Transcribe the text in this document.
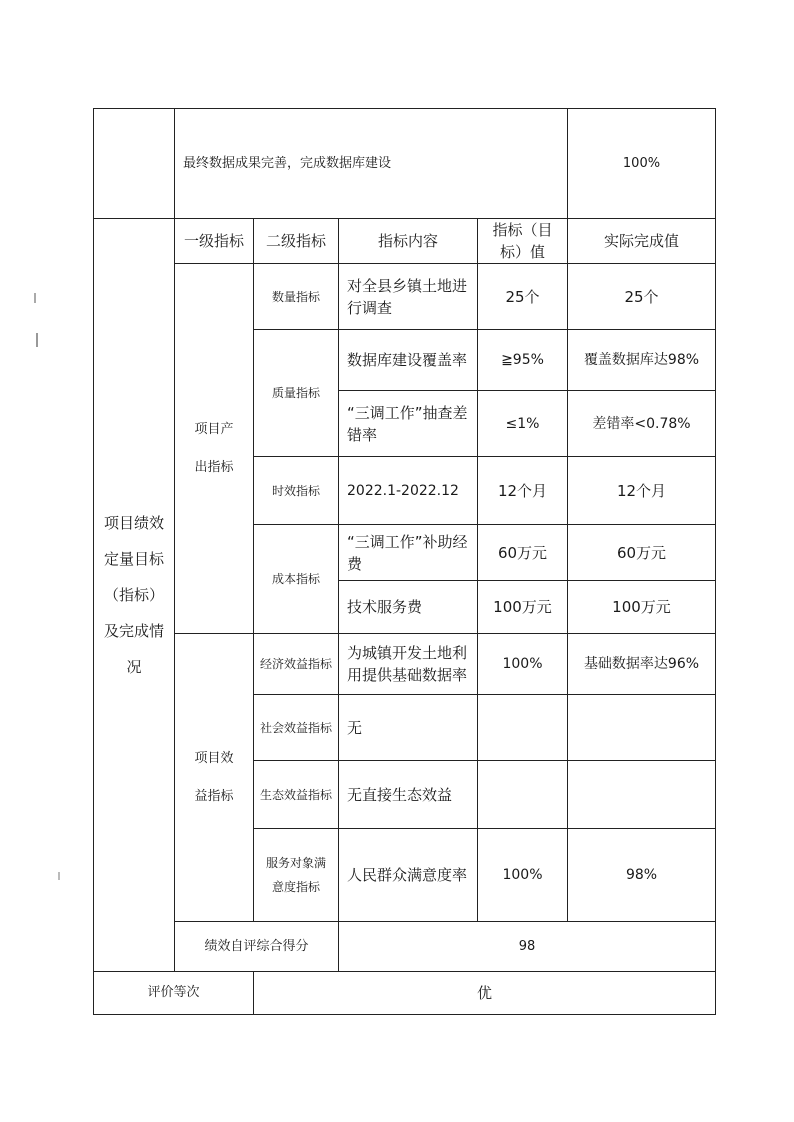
	最终数据成果完善，完成数据库建设				100%
项目绩效定量目标（指标）及完成情况	一级指标	二级指标	指标内容	指标（目标）值	实际完成值
	项目产出指标	数量指标	对全县乡镇土地进行调查	25个	25个
		质量指标	数据库建设覆盖率	≧95%	覆盖数据库达98%
			“三调工作”抽查差错率	≤1%	差错率<0.78%
		时效指标	2022.1-2022.12	12个月	12个月
		成本指标	“三调工作”补助经费	60万元	60万元
			技术服务费	100万元	100万元
	项目效益指标	经济效益指标	为城镇开发土地利用提供基础数据率	100%	基础数据率达96%
		社会效益指标	无		
		生态效益指标	无直接生态效益		
		服务对象满意度指标	人民群众满意度率	100%	98%
	绩效自评综合得分		98		
评价等次		优			
